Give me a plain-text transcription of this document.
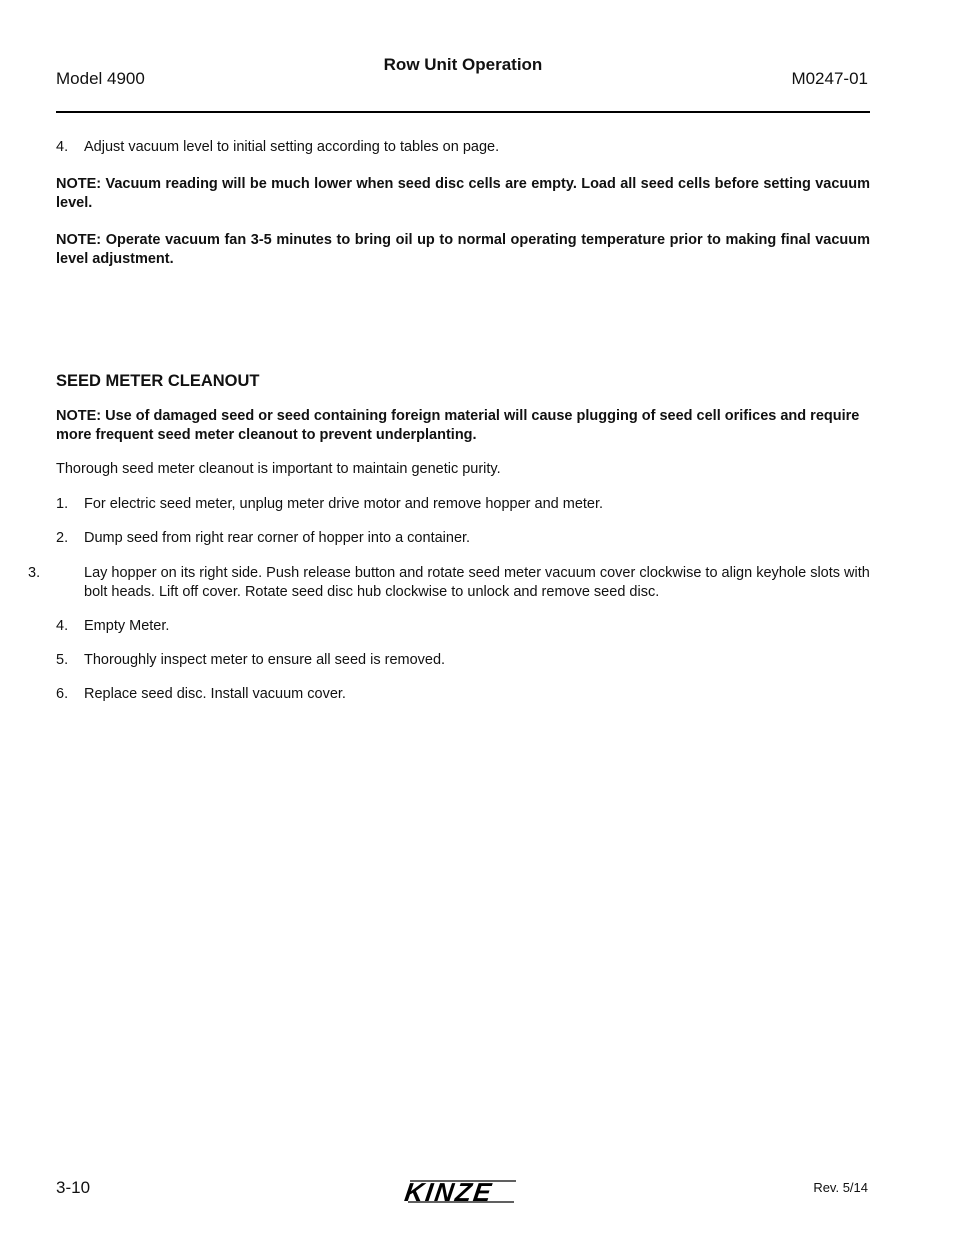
Row Unit Operation
Model 4900	M0247-01

4. Adjust vacuum level to initial setting according to tables on page.

NOTE: Vacuum reading will be much lower when seed disc cells are empty. Load all seed cells before setting vacuum level.

NOTE: Operate vacuum fan 3-5 minutes to bring oil up to normal operating temperature prior to making final vacuum level adjustment.

SEED METER CLEANOUT

NOTE: Use of damaged seed or seed containing foreign material will cause plugging of seed cell orifices and require more frequent seed meter cleanout to prevent underplanting.

Thorough seed meter cleanout is important to maintain genetic purity.

1. For electric seed meter, unplug meter drive motor and remove hopper and meter.

2. Dump seed from right rear corner of hopper into a container.

3.	Lay hopper on its right side. Push release button and rotate seed meter vacuum cover clockwise to align keyhole slots with bolt heads. Lift off cover. Rotate seed disc hub clockwise to unlock and remove seed disc.

4. Empty Meter.

5. Thoroughly inspect meter to ensure all seed is removed.

6. Replace seed disc. Install vacuum cover.

3-10	KINZE	Rev. 5/14
